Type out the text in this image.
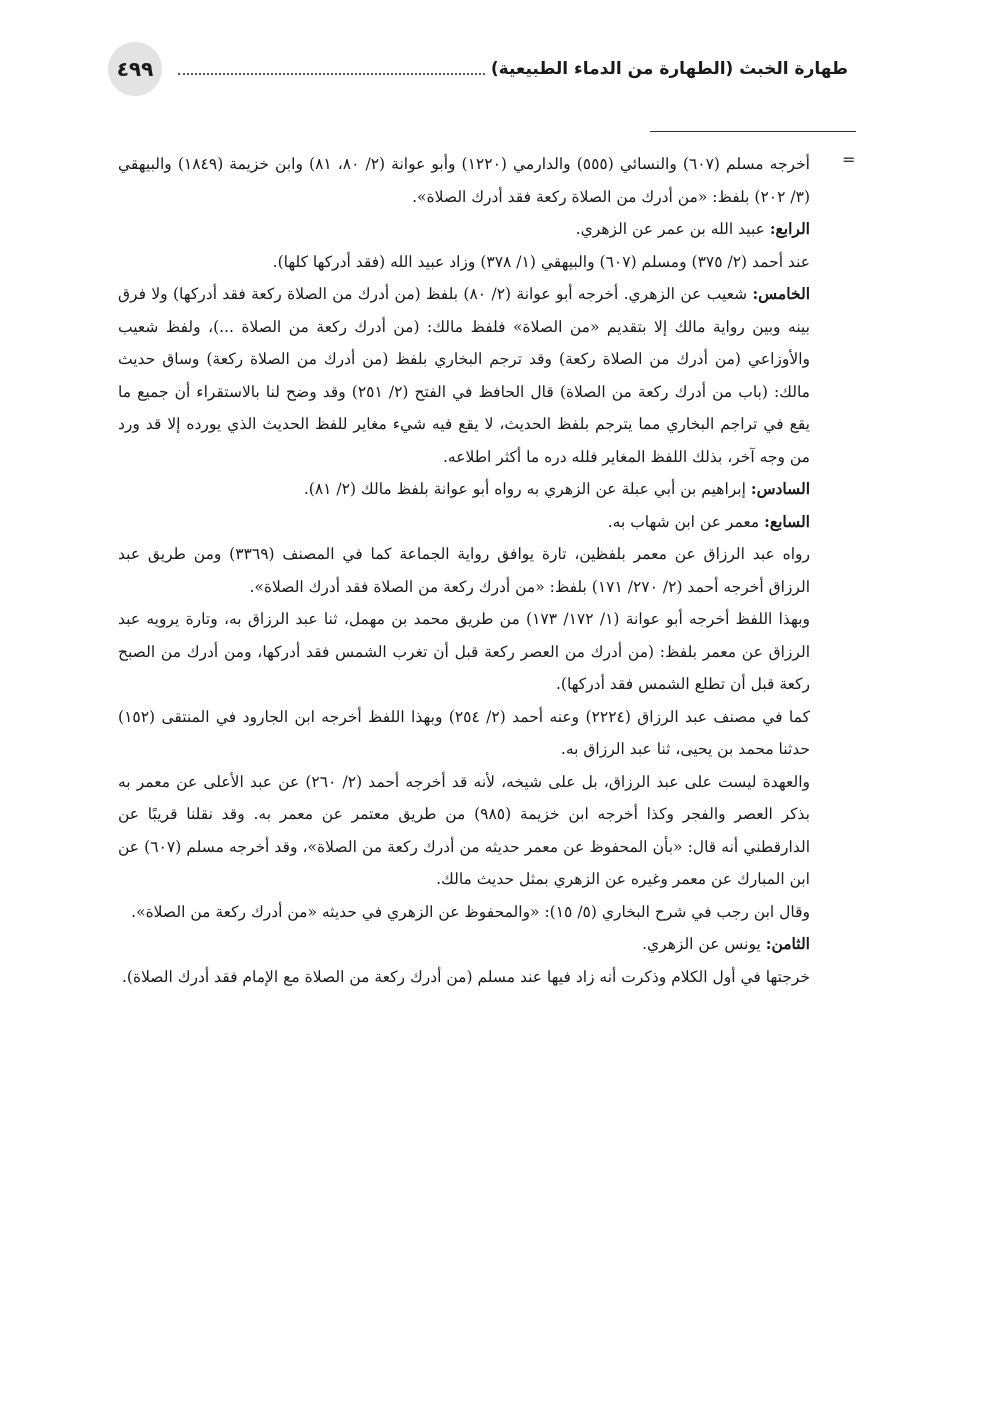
٤٩٩	طهارة الخبث (الطهارة من الدماء الطبيعية)
=

أخرجه مسلم (٦٠٧) والنسائي (٥٥٥) والدارمي (١٢٢٠) وأبو عوانة (٢/ ٨٠، ٨١) وابن خزيمة (١٨٤٩) والبيهقي (٣/ ٢٠٢) بلفظ: «من أدرك من الصلاة ركعة فقد أدرك الصلاة».

الرابع: عبيد الله بن عمر عن الزهري.

عند أحمد (٢/ ٣٧٥) ومسلم (٦٠٧) والبيهقي (١/ ٣٧٨) وزاد عبيد الله (فقد أدركها كلها).

الخامس: شعيب عن الزهري. أخرجه أبو عوانة (٢/ ٨٠) بلفظ (من أدرك من الصلاة ركعة فقد أدركها) ولا فرق بينه وبين رواية مالك إلا بتقديم «من الصلاة» فلفظ مالك: (من أدرك ركعة من الصلاة ...)، ولفظ شعيب والأوزاعي (من أدرك من الصلاة ركعة) وقد ترجم البخاري بلفظ (من أدرك من الصلاة ركعة) وساق حديث مالك: (باب من أدرك ركعة من الصلاة) قال الحافظ في الفتح (٢/ ٢٥١) وقد وضح لنا بالاستقراء أن جميع ما يقع في تراجم البخاري مما يترجم بلفظ الحديث، لا يقع فيه شيء مغاير للفظ الحديث الذي يورده إلا قد ورد من وجه آخر، بذلك اللفظ المغاير فلله دره ما أكثر اطلاعه.

السادس: إبراهيم بن أبي عبلة عن الزهري به رواه أبو عوانة بلفظ مالك (٢/ ٨١).

السابع: معمر عن ابن شهاب به.

رواه عبد الرزاق عن معمر بلفظين، تارة يوافق رواية الجماعة كما في المصنف (٣٣٦٩) ومن طريق عبد الرزاق أخرجه أحمد (٢/ ٢٧٠/ ١٧١) بلفظ: «من أدرك ركعة من الصلاة فقد أدرك الصلاة».

وبهذا اللفظ أخرجه أبو عوانة (١/ ١٧٢/ ١٧٣) من طريق محمد بن مهمل، ثنا عبد الرزاق به، وتارة يرويه عبد الرزاق عن معمر بلفظ: (من أدرك من العصر ركعة قبل أن تغرب الشمس فقد أدركها، ومن أدرك من الصبح ركعة قبل أن تطلع الشمس فقد أدركها).

كما في مصنف عبد الرزاق (٢٢٢٤) وعنه أحمد (٢/ ٢٥٤) وبهذا اللفظ أخرجه ابن الجارود في المنتقى (١٥٢) حدثنا محمد بن يحيى، ثنا عبد الرزاق به.

والعهدة ليست على عبد الرزاق، بل على شيخه، لأنه قد أخرجه أحمد (٢/ ٢٦٠) عن عبد الأعلى عن معمر به بذكر العصر والفجر وكذا أخرجه ابن خزيمة (٩٨٥) من طريق معتمر عن معمر به. وقد نقلنا قريبًا عن الدارقطني أنه قال: «بأن المحفوظ عن معمر حديثه من أدرك ركعة من الصلاة»، وقد أخرجه مسلم (٦٠٧) عن ابن المبارك عن معمر وغيره عن الزهري بمثل حديث مالك.

وقال ابن رجب في شرح البخاري (٥/ ١٥): «والمحفوظ عن الزهري في حديثه «من أدرك ركعة من الصلاة».

الثامن: يونس عن الزهري.

خرجتها في أول الكلام وذكرت أنه زاد فيها عند مسلم (من أدرك ركعة من الصلاة مع الإمام فقد أدرك الصلاة).
